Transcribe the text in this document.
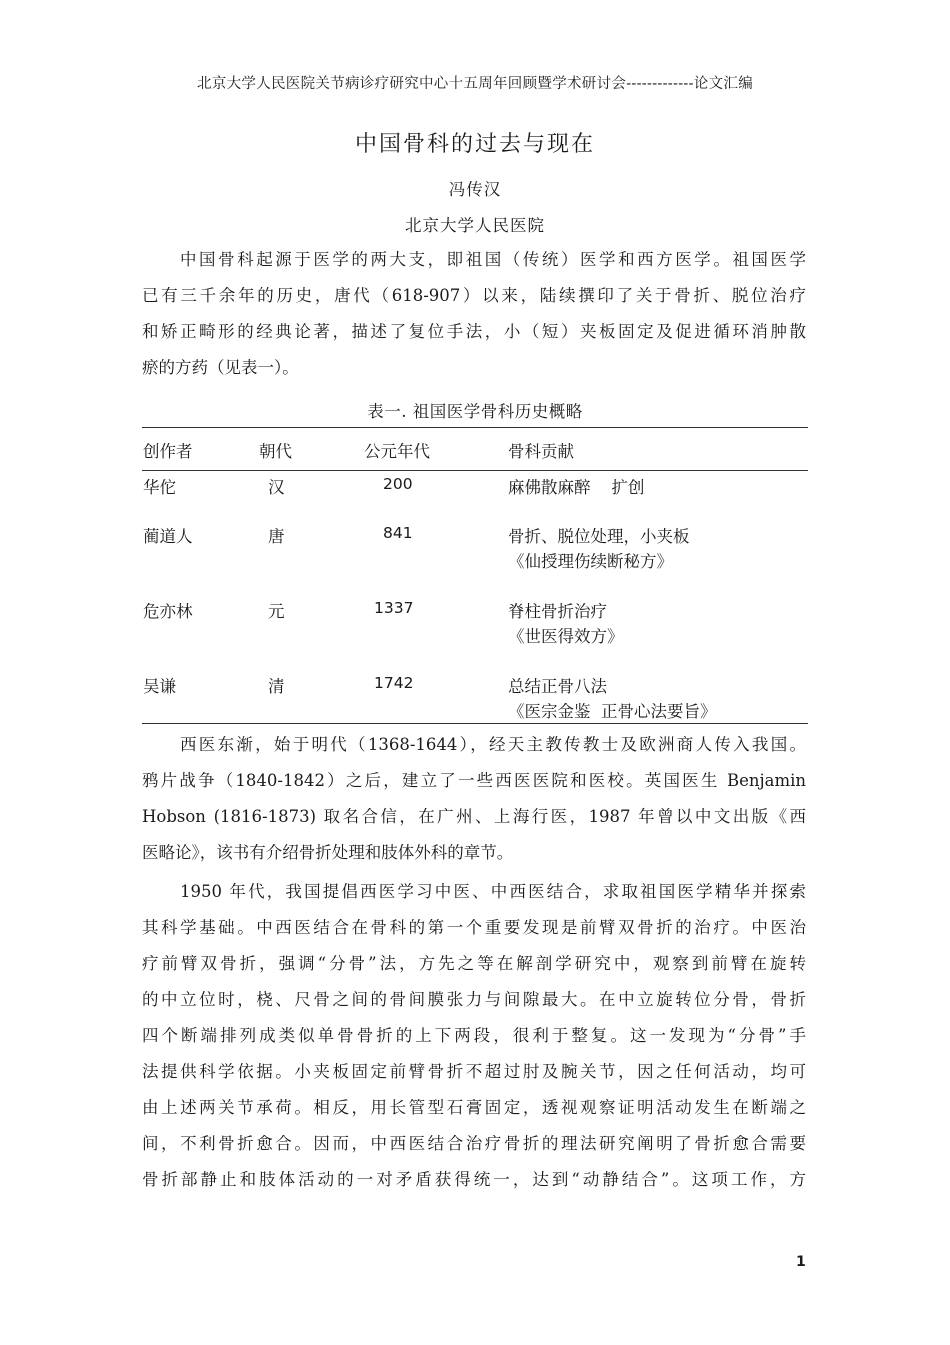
北京大学人民医院关节病诊疗研究中心十五周年回顾暨学术研讨会-------------论文汇编
中国骨科的过去与现在
冯传汉
北京大学人民医院
中国骨科起源于医学的两大支，即祖国（传统）医学和西方医学。祖国医学
已有三千余年的历史，唐代（618-907）以来，陆续撰印了关于骨折、脱位治疗
和矫正畸形的经典论著，描述了复位手法，小（短）夹板固定及促进循环消肿散
瘀的方药（见表一）。
表一. 祖国医学骨科历史概略
创作者	朝代	公元年代	骨科贡献
华佗	汉	200	麻佛散麻醉    扩创
蔺道人	唐	841	骨折、脱位处理，小夹板
《仙授理伤续断秘方》
危亦林	元	1337	脊柱骨折治疗
《世医得效方》
吴谦	清	1742	总结正骨八法
《医宗金鉴  正骨心法要旨》
西医东渐，始于明代（1368-1644），经天主教传教士及欧洲商人传入我国。
鸦片战争（1840-1842）之后，建立了一些西医医院和医校。英国医生 Benjamin
Hobson (1816-1873) 取名合信，在广州、上海行医，1987 年曾以中文出版《西
医略论》，该书有介绍骨折处理和肢体外科的章节。
1950 年代，我国提倡西医学习中医、中西医结合，求取祖国医学精华并探索
其科学基础。中西医结合在骨科的第一个重要发现是前臂双骨折的治疗。中医治
疗前臂双骨折，强调“分骨”法，方先之等在解剖学研究中，观察到前臂在旋转
的中立位时，桡、尺骨之间的骨间膜张力与间隙最大。在中立旋转位分骨，骨折
四个断端排列成类似单骨骨折的上下两段，很利于整复。这一发现为“分骨”手
法提供科学依据。小夹板固定前臂骨折不超过肘及腕关节，因之任何活动，均可
由上述两关节承荷。相反，用长管型石膏固定，透视观察证明活动发生在断端之
间，不利骨折愈合。因而，中西医结合治疗骨折的理法研究阐明了骨折愈合需要
骨折部静止和肢体活动的一对矛盾获得统一，达到“动静结合”。这项工作，方
1
